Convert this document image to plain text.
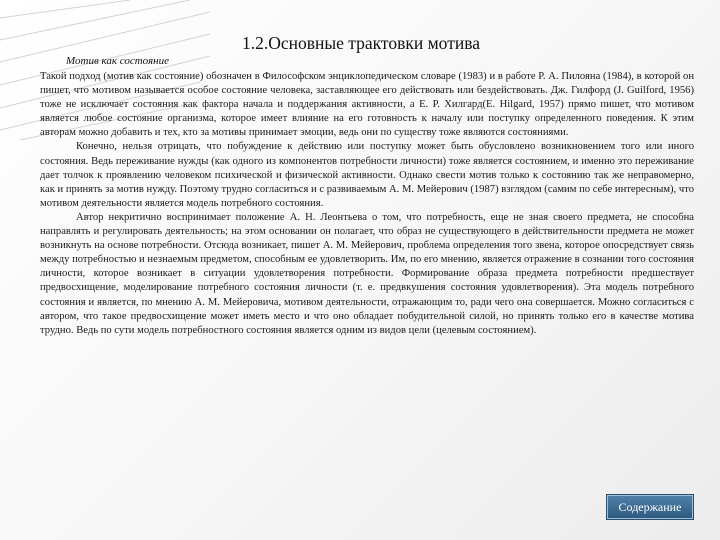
1.2.Основные трактовки мотива
Мотив как состояние

Такой подход (мотив как состояние) обозначен в Философском энциклопедическом словаре (1983) и в работе Р. А. Пилояна (1984), в которой он пишет, что мотивом называется особое состояние человека, заставляющее его действовать или бездействовать. Дж. Гилфорд (J. Guilford, 1956) тоже не исключает состояния как фактора начала и поддержания активности, а Е. Р. Хилгард(Е. Hilgard, 1957) прямо пишет, что мотивом является любое состояние организма, которое имеет влияние на его готовность к началу или поступку определенного поведения. К этим авторам можно добавить и тех, кто за мотивы принимает эмоции, ведь они по существу тоже являются состояниями.

Конечно, нельзя отрицать, что побуждение к действию или поступку может быть обусловлено возникновением того или иного состояния. Ведь переживание нужды (как одного из компонентов потребности личности) тоже является состоянием, и именно это переживание дает толчок к проявлению человеком психической и физической активности. Однако свести мотив только к состоянию так же неправомерно, как и принять за мотив нужду. Поэтому трудно согласиться и с развиваемым А. М. Мейерович (1987) взглядом (самим по себе интересным), что мотивом деятельности является модель потребного состояния.

Автор некритично воспринимает положение А. Н. Леонтьева о том, что потребность, еще не зная своего предмета, не способна направлять и регулировать деятельность; на этом основании он полагает, что образ не существующего в действительности предмета не может возникнуть на основе потребности. Отсюда возникает, пишет А. М. Мейерович, проблема определения того звена, которое опосредствует связь между потребностью и незнаемым предметом, способным ее удовлетворить. Им, по его мнению, является отражение в сознании того состояния личности, которое возникает в ситуации удовлетворения потребности. Формирование образа предмета потребности предшествует предвосхищение, моделирование потребного состояния личности (т. е. предвкушения состояния удовлетворения). Эта модель потребного состояния и является, по мнению А. М. Мейеровича, мотивом деятельности, отражающим то, ради чего она совершается. Можно согласиться с автором, что такое предвосхищение может иметь место и что оно обладает побудительной силой, но принять только его в качестве мотива трудно. Ведь по сути модель потребностного состояния является одним из видов цели (целевым состоянием).

Содержание
